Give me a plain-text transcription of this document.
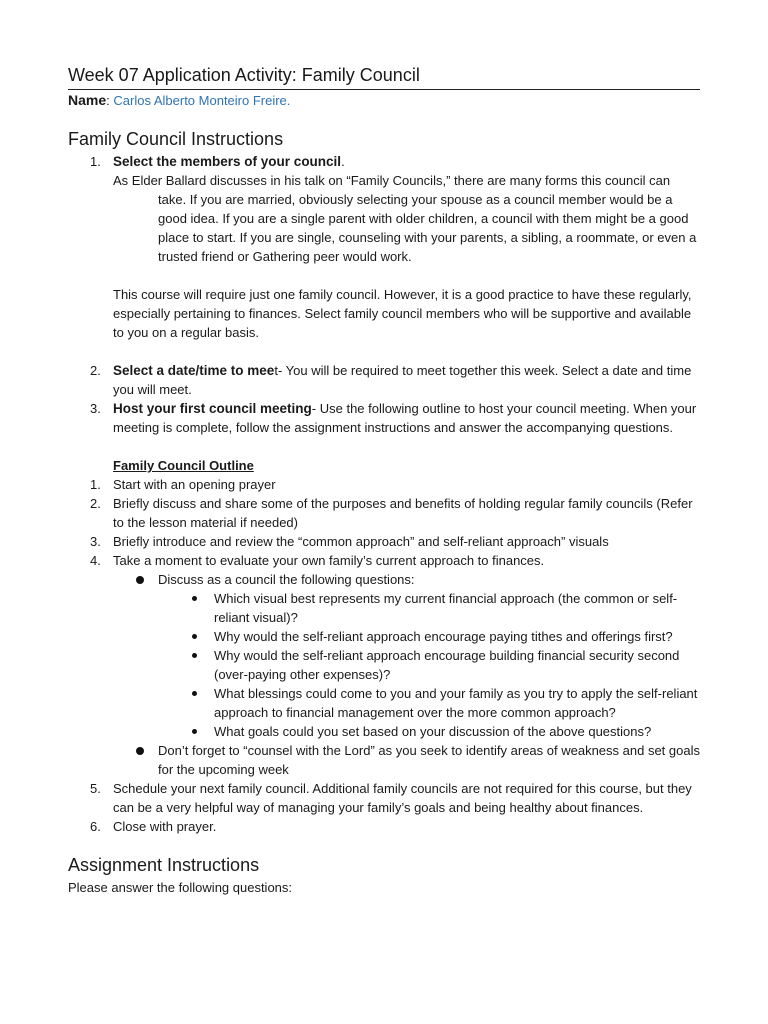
Week 07 Application Activity: Family Council
Name: Carlos Alberto Monteiro Freire.
Family Council Instructions
1. Select the members of your council.
As Elder Ballard discusses in his talk on “Family Councils,” there are many forms this council can take. If you are married, obviously selecting your spouse as a council member would be a good idea. If you are a single parent with older children, a council with them might be a good place to start. If you are single, counseling with your parents, a sibling, a roommate, or even a trusted friend or Gathering peer would work.
This course will require just one family council. However, it is a good practice to have these regularly, especially pertaining to finances. Select family council members who will be supportive and available to you on a regular basis.
2. Select a date/time to meet- You will be required to meet together this week. Select a date and time you will meet.
3. Host your first council meeting- Use the following outline to host your council meeting. When your meeting is complete, follow the assignment instructions and answer the accompanying questions.
Family Council Outline
1. Start with an opening prayer
2. Briefly discuss and share some of the purposes and benefits of holding regular family councils (Refer to the lesson material if needed)
3. Briefly introduce and review the “common approach” and self-reliant approach” visuals
4. Take a moment to evaluate your own family’s current approach to finances.
Discuss as a council the following questions:
Which visual best represents my current financial approach (the common or self-reliant visual)?
Why would the self-reliant approach encourage paying tithes and offerings first?
Why would the self-reliant approach encourage building financial security second (over-paying other expenses)?
What blessings could come to you and your family as you try to apply the self-reliant approach to financial management over the more common approach?
What goals could you set based on your discussion of the above questions?
Don’t forget to “counsel with the Lord” as you seek to identify areas of weakness and set goals for the upcoming week
5. Schedule your next family council. Additional family councils are not required for this course, but they can be a very helpful way of managing your family’s goals and being healthy about finances.
6. Close with prayer.
Assignment Instructions
Please answer the following questions:
